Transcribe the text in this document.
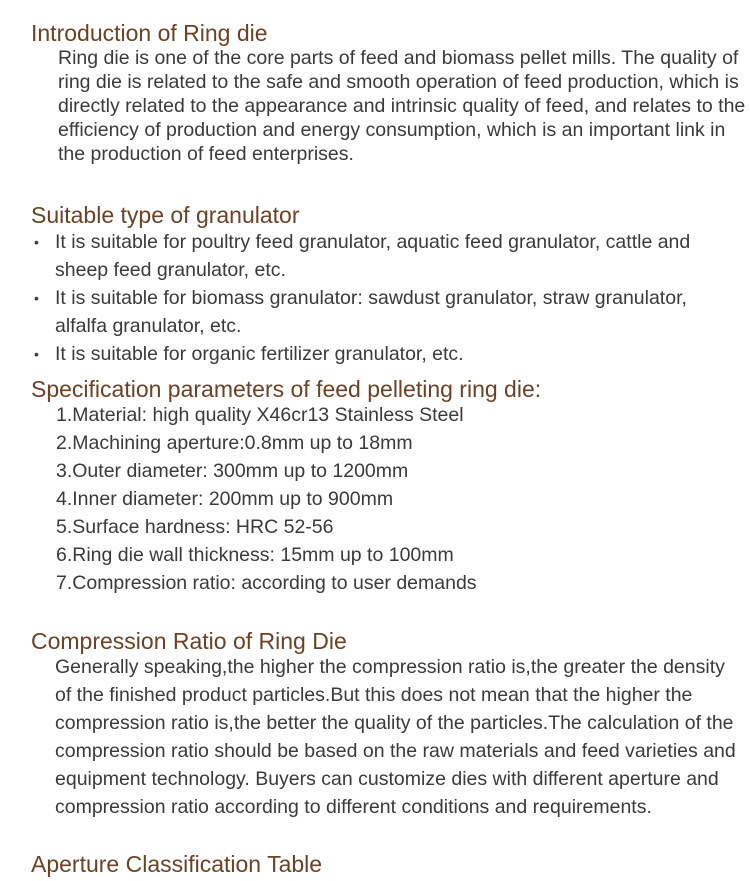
Introduction of Ring die

Ring die is one of the core parts of feed and biomass pellet mills. The quality of ring die is related to the safe and smooth operation of feed production, which is directly related to the appearance and intrinsic quality of feed, and relates to the efficiency of production and energy consumption, which is an important link in the production of feed enterprises.

Suitable type of granulator
• It is suitable for poultry feed granulator, aquatic feed granulator, cattle and sheep feed granulator, etc.
• It is suitable for biomass granulator: sawdust granulator, straw granulator, alfalfa granulator, etc.
• It is suitable for organic fertilizer granulator, etc.
Specification parameters of feed pelleting ring die:
1.Material: high quality X46cr13 Stainless Steel
2.Machining aperture:0.8mm up to 18mm
3.Outer diameter: 300mm up to 1200mm
4.Inner diameter: 200mm up to 900mm
5.Surface hardness: HRC 52-56
6.Ring die wall thickness: 15mm up to 100mm
7.Compression ratio: according to user demands
Compression Ratio of Ring Die

Generally speaking,the higher the compression ratio is,the greater the density of the finished product particles.But this does not mean that the higher the compression ratio is,the better the quality of the particles.The calculation of the compression ratio should be based on the raw materials and feed varieties and equipment technology. Buyers can customize dies with different aperture and compression ratio according to different conditions and requirements.

Aperture Classification Table
